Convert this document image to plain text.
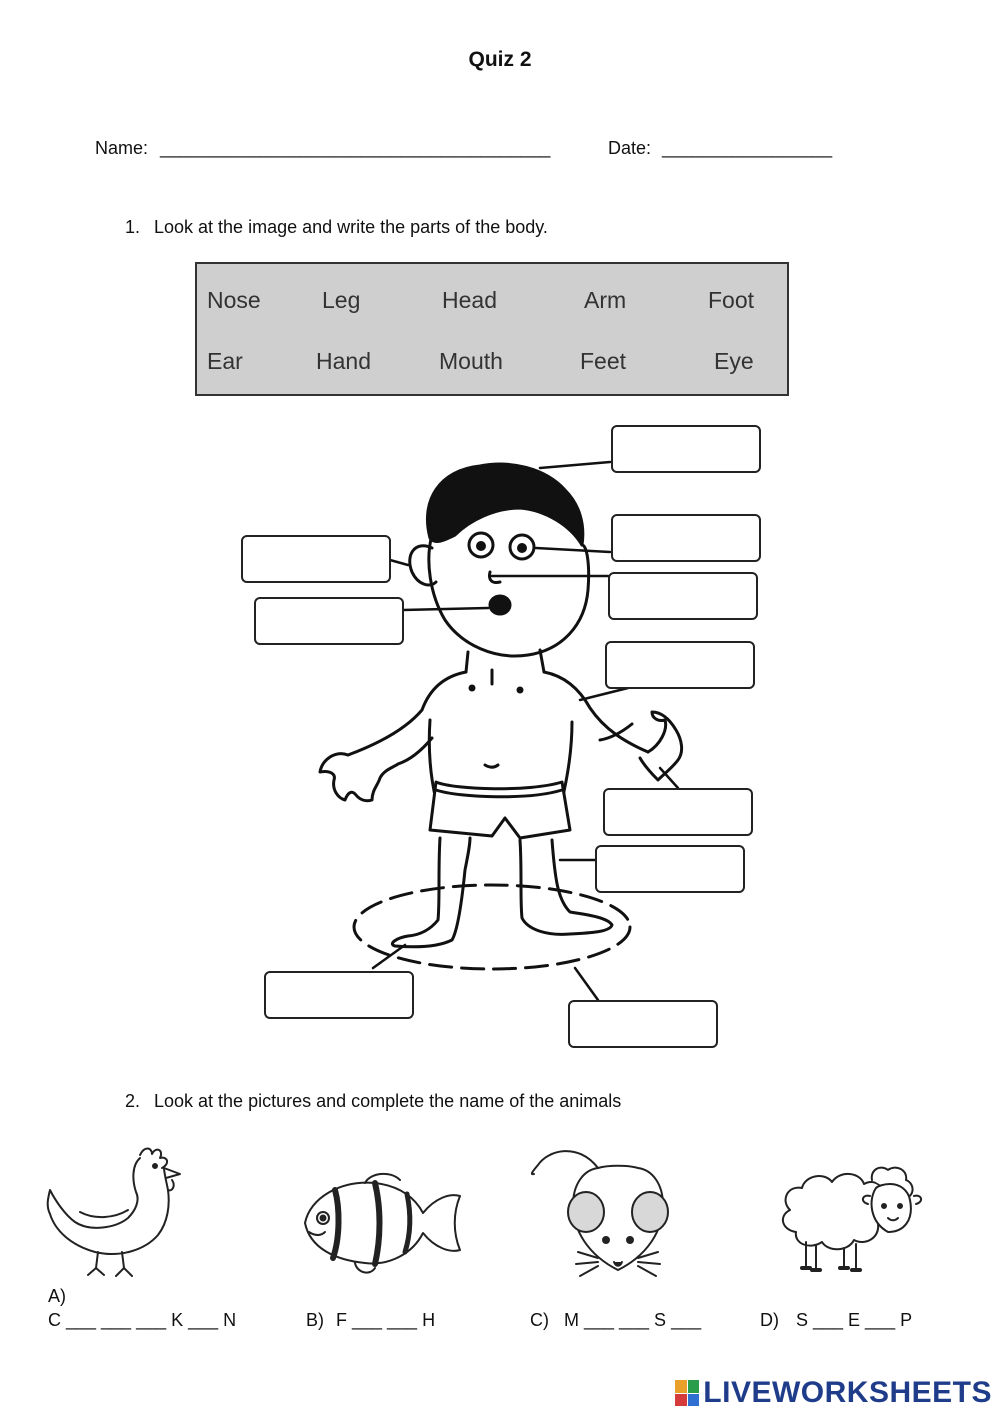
Quiz 2
Name: _______________________________________	Date: _________________
1. Look at the image and write the parts of the body.
Nose	Leg	Head	Arm	Foot
Ear	Hand	Mouth	Feet	Eye
2. Look at the pictures and complete the name of the animals
A)
C ___ ___ ___ K ___ N	B) F ___ ___ H	C) M ___ ___ S ___	D) S ___ E ___ P
LIVEWORKSHEETS
